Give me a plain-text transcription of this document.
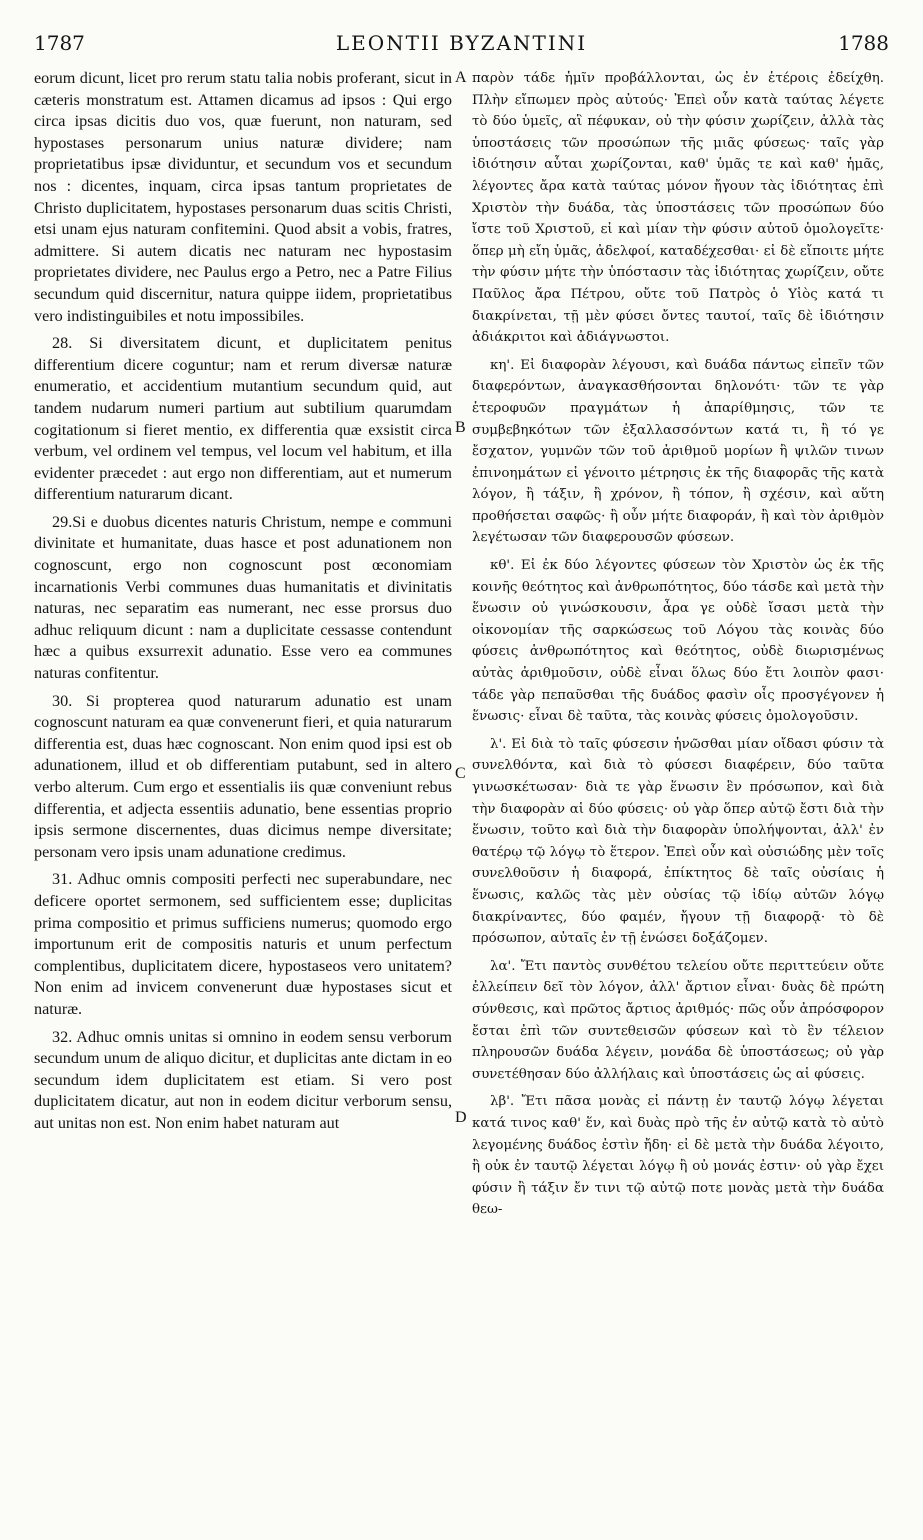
1787	LEONTII BYZANTINI	1788
A
B
C
D

eorum dicunt, licet pro rerum statu talia nobis proferant, sicut in cæteris monstratum est. Attamen dicamus ad ipsos : Qui ergo circa ipsas dicitis duo vos, quæ fuerunt, non naturam, sed hypostases personarum unius naturæ dividere; nam proprietatibus ipsæ dividuntur, et secundum vos et secundum nos : dicentes, inquam, circa ipsas tantum proprietates de Christo duplicitatem, hypostases personarum duas scitis Christi, etsi unam ejus naturam confitemini. Quod absit a vobis, fratres, admittere. Si autem dicatis nec naturam nec hypostasim proprietates dividere, nec Paulus ergo a Petro, nec a Patre Filius secundum quid discernitur, natura quippe iidem, proprietatibus vero indistinguibiles et notu impossibiles.

28. Si diversitatem dicunt, et duplicitatem penitus differentium dicere coguntur; nam et rerum diversæ naturæ enumeratio, et accidentium mutantium secundum quid, aut tandem nudarum numeri partium aut subtilium quarumdam cogitationum si fieret mentio, ex differentia quæ exsistit circa verbum, vel ordinem vel tempus, vel locum vel habitum, et illa evidenter præcedet : aut ergo non differentiam, aut et numerum differentium naturarum dicant.

29.Si e duobus dicentes naturis Christum, nempe e communi divinitate et humanitate, duas hasce et post adunationem non cognoscunt, ergo non cognoscunt post œconomiam incarnationis Verbi communes duas humanitatis et divinitatis naturas, nec separatim eas numerant, nec esse prorsus duo adhuc reliquum dicunt : nam a duplicitate cessasse contendunt hæc a quibus exsurrexit adunatio. Esse vero ea communes naturas confitentur.

30. Si propterea quod naturarum adunatio est unam cognoscunt naturam ea quæ convenerunt fieri, et quia naturarum differentia est, duas hæc cognoscant. Non enim quod ipsi est ob adunationem, illud et ob differentiam putabunt, sed in altero verbo alterum. Cum ergo et essentialis iis quæ conveniunt rebus differentia, et adjecta essentiis adunatio, bene essentias proprio ipsis sermone discernentes, duas dicimus nempe diversitate; personam vero ipsis unam adunatione credimus.

31. Adhuc omnis compositi perfecti nec superabundare, nec deficere oportet sermonem, sed sufficientem esse; duplicitas prima compositio et primus sufficiens numerus; quomodo ergo importunum erit de compositis naturis et unum perfectum complentibus, duplicitatem dicere, hypostaseos vero unitatem? Non enim ad invicem convenerunt duæ hypostases sicut et naturæ.

32. Adhuc omnis unitas si omnino in eodem sensu verborum secundum unum de aliquo dicitur, et duplicitas ante dictam in eo secundum idem duplicitatem est etiam. Si vero post duplicitatem dicatur, aut non in eodem dicitur verborum sensu, aut unitas non est. Non enim habet naturam aut

παρὸν τάδε ἡμῖν προβάλλονται, ὡς ἐν ἑτέροις ἐδείχθη. Πλὴν εἴπωμεν πρὸς αὐτούς· Ἐπεὶ οὖν κατὰ ταύτας λέγετε τὸ δύο ὑμεῖς, αἳ πέφυκαν, οὐ τὴν φύσιν χωρίζειν, ἀλλὰ τὰς ὑποστάσεις τῶν προσώπων τῆς μιᾶς φύσεως· ταῖς γὰρ ἰδιότησιν αὗται χωρίζονται, καθ' ὑμᾶς τε καὶ καθ' ἡμᾶς, λέγοντες ἄρα κατὰ ταύτας μόνον ἤγουν τὰς ἰδιότητας ἐπὶ Χριστὸν τὴν δυάδα, τὰς ὑποστάσεις τῶν προσώπων δύο ἴστε τοῦ Χριστοῦ, εἰ καὶ μίαν τὴν φύσιν αὐτοῦ ὁμολογεῖτε· ὅπερ μὴ εἴη ὑμᾶς, ἀδελφοί, καταδέχεσθαι· εἰ δὲ εἴποιτε μήτε τὴν φύσιν μήτε τὴν ὑπόστασιν τὰς ἰδιότητας χωρίζειν, οὔτε Παῦλος ἄρα Πέτρου, οὔτε τοῦ Πατρὸς ὁ Υἱὸς κατά τι διακρίνεται, τῇ μὲν φύσει ὄντες ταυτοί, ταῖς δὲ ἰδιότησιν ἀδιάκριτοι καὶ ἀδιάγνωστοι.

κη'. Εἰ διαφορὰν λέγουσι, καὶ δυάδα πάντως εἰπεῖν τῶν διαφερόντων, ἀναγκασθήσονται δηλονότι· τῶν τε γὰρ ἑτεροφυῶν πραγμάτων ἡ ἀπαρίθμησις, τῶν τε συμβεβηκότων τῶν ἐξαλλασσόντων κατά τι, ἢ τό γε ἔσχατον, γυμνῶν τῶν τοῦ ἀριθμοῦ μορίων ἢ ψιλῶν τινων ἐπινοημάτων εἰ γένοιτο μέτρησις ἐκ τῆς διαφορᾶς τῆς κατὰ λόγον, ἢ τάξιν, ἢ χρόνον, ἢ τόπον, ἢ σχέσιν, καὶ αὕτη προθήσεται σαφῶς· ἢ οὖν μήτε διαφοράν, ἢ καὶ τὸν ἀριθμὸν λεγέτωσαν τῶν διαφερουσῶν φύσεων.

κθ'. Εἰ ἐκ δύο λέγοντες φύσεων τὸν Χριστὸν ὡς ἐκ τῆς κοινῆς θεότητος καὶ ἀνθρωπότητος, δύο τάσδε καὶ μετὰ τὴν ἕνωσιν οὐ γινώσκουσιν, ἆρα γε οὐδὲ ἴσασι μετὰ τὴν οἰκονομίαν τῆς σαρκώσεως τοῦ Λόγου τὰς κοινὰς δύο φύσεις ἀνθρωπότητος καὶ θεότητος, οὐδὲ διωρισμένως αὐτὰς ἀριθμοῦσιν, οὐδὲ εἶναι ὅλως δύο ἔτι λοιπὸν φασι· τάδε γὰρ πεπαῦσθαι τῆς δυάδος φασὶν οἷς προσγέγονεν ἡ ἕνωσις· εἶναι δὲ ταῦτα, τὰς κοινὰς φύσεις ὁμολογοῦσιν.

λ'. Εἰ διὰ τὸ ταῖς φύσεσιν ἡνῶσθαι μίαν οἴδασι φύσιν τὰ συνελθόντα, καὶ διὰ τὸ φύσεσι διαφέρειν, δύο ταῦτα γινωσκέτωσαν· διὰ τε γὰρ ἕνωσιν ἓν πρόσωπον, καὶ διὰ τὴν διαφορὰν αἱ δύο φύσεις· οὐ γὰρ ὅπερ αὐτῷ ἔστι διὰ τὴν ἕνωσιν, τοῦτο καὶ διὰ τὴν διαφορὰν ὑπολήψονται, ἀλλ' ἐν θατέρῳ τῷ λόγῳ τὸ ἕτερον. Ἐπεὶ οὖν καὶ οὐσιώδης μὲν τοῖς συνελθοῦσιν ἡ διαφορά, ἐπίκτητος δὲ ταῖς οὐσίαις ἡ ἕνωσις, καλῶς τὰς μὲν οὐσίας τῷ ἰδίῳ αὐτῶν λόγῳ διακρίναντες, δύο φαμέν, ἤγουν τῇ διαφορᾷ· τὸ δὲ πρόσωπον, αὐταῖς ἐν τῇ ἑνώσει δοξάζομεν.

λα'. Ἔτι παντὸς συνθέτου τελείου οὔτε περιττεύειν οὔτε ἐλλείπειν δεῖ τὸν λόγον, ἀλλ' ἄρτιον εἶναι· δυὰς δὲ πρώτη σύνθεσις, καὶ πρῶτος ἄρτιος ἀριθμός· πῶς οὖν ἀπρόσφορον ἔσται ἐπὶ τῶν συντεθεισῶν φύσεων καὶ τὸ ἓν τέλειον πληρουσῶν δυάδα λέγειν, μονάδα δὲ ὑποστάσεως; οὐ γὰρ συνετέθησαν δύο ἀλλήλαις καὶ ὑποστάσεις ὡς αἱ φύσεις.

λβ'. Ἔτι πᾶσα μονὰς εἰ πάντῃ ἐν ταυτῷ λόγῳ λέγεται κατά τινος καθ' ἕν, καὶ δυὰς πρὸ τῆς ἐν αὐτῷ κατὰ τὸ αὐτὸ λεγομένης δυάδος ἐστὶν ἤδη· εἰ δὲ μετὰ τὴν δυάδα λέγοιτο, ἢ οὐκ ἐν ταυτῷ λέγεται λόγῳ ἢ οὐ μονάς ἐστιν· οὐ γὰρ ἔχει φύσιν ἢ τάξιν ἔν τινι τῷ αὐτῷ ποτε μονὰς μετὰ τὴν δυάδα θεω-
